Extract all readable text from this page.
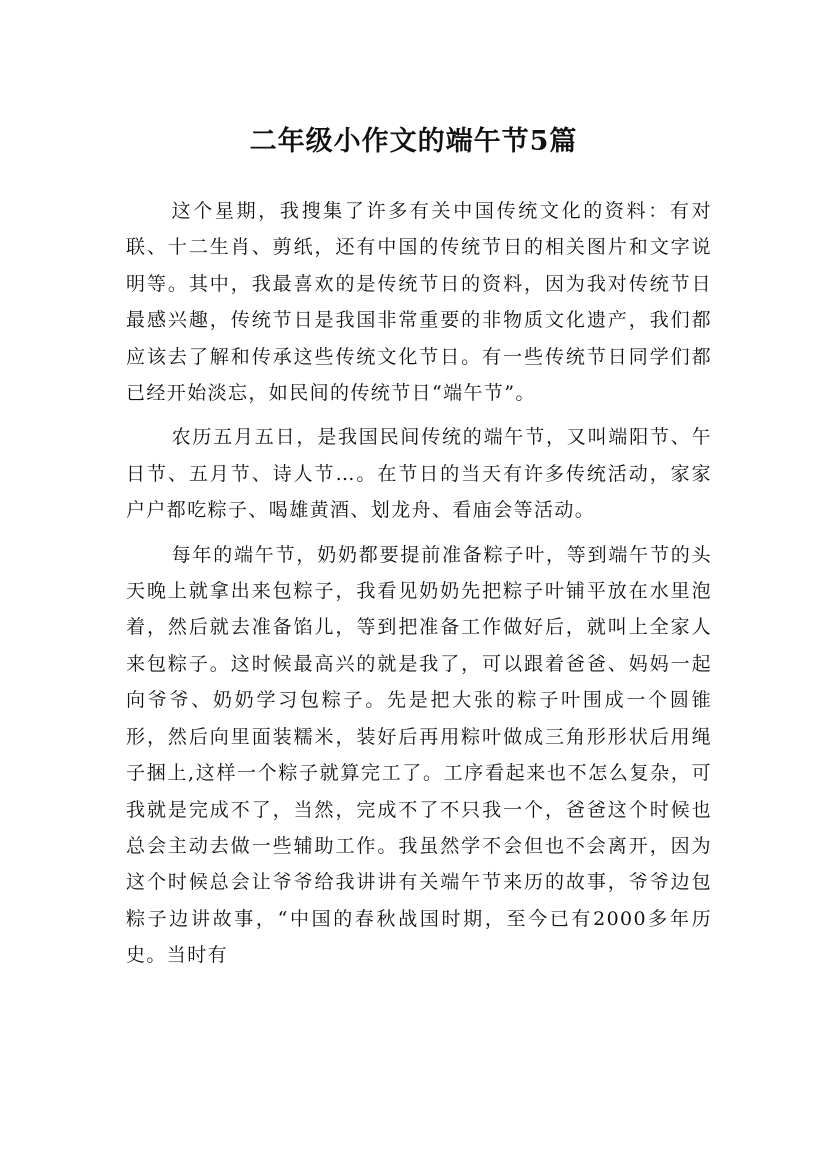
二年级小作文的端午节5篇

这个星期，我搜集了许多有关中国传统文化的资料：有对联、十二生肖、剪纸，还有中国的传统节日的相关图片和文字说明等。其中，我最喜欢的是传统节日的资料，因为我对传统节日最感兴趣，传统节日是我国非常重要的非物质文化遗产，我们都应该去了解和传承这些传统文化节日。有一些传统节日同学们都已经开始淡忘，如民间的传统节日“端午节”。

农历五月五日，是我国民间传统的端午节，又叫端阳节、午日节、五月节、诗人节…。在节日的当天有许多传统活动，家家户户都吃粽子、喝雄黄酒、划龙舟、看庙会等活动。

每年的端午节，奶奶都要提前准备粽子叶，等到端午节的头天晚上就拿出来包粽子，我看见奶奶先把粽子叶铺平放在水里泡着，然后就去准备馅儿，等到把准备工作做好后，就叫上全家人来包粽子。这时候最高兴的就是我了，可以跟着爸爸、妈妈一起向爷爷、奶奶学习包粽子。先是把大张的粽子叶围成一个圆锥形，然后向里面装糯米，装好后再用粽叶做成三角形形状后用绳子捆上,这样一个粽子就算完工了。工序看起来也不怎么复杂，可我就是完成不了，当然，完成不了不只我一个，爸爸这个时候也总会主动去做一些辅助工作。我虽然学不会但也不会离开，因为这个时候总会让爷爷给我讲讲有关端午节来历的故事，爷爷边包粽子边讲故事，“中国的春秋战国时期，至今已有2000多年历史。当时有
